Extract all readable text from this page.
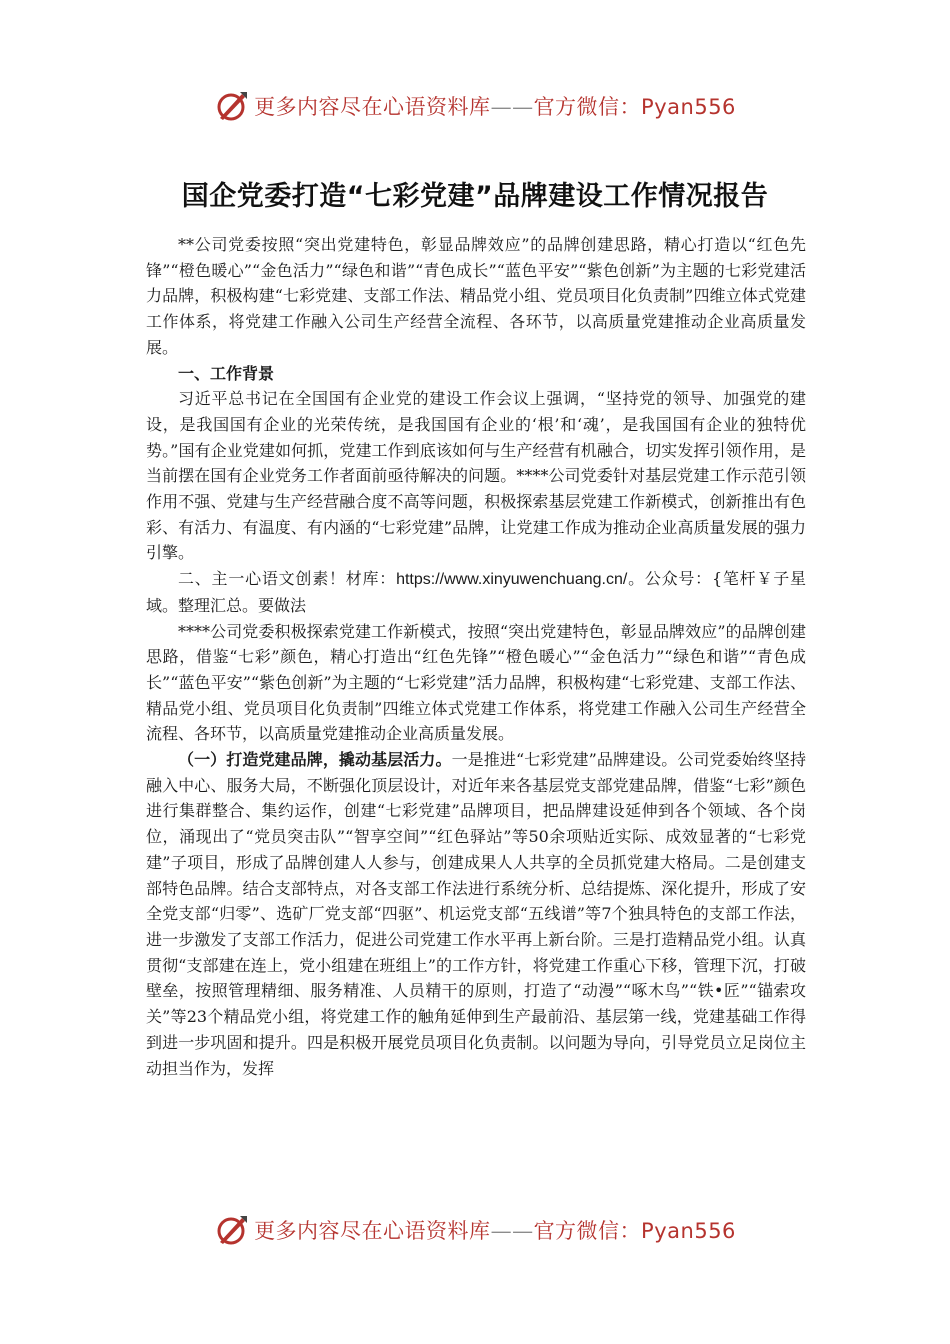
更多内容尽在心语资料库——官方微信：Pyan556
国企党委打造“七彩党建”品牌建设工作情况报告

**公司党委按照“突出党建特色，彰显品牌效应”的品牌创建思路，精心打造以“红色先锋”“橙色暖心”“金色活力”“绿色和谐”“青色成长”“蓝色平安”“紫色创新”为主题的七彩党建活力品牌，积极构建“七彩党建、支部工作法、精品党小组、党员项目化负责制”四维立体式党建工作体系，将党建工作融入公司生产经营全流程、各环节，以高质量党建推动企业高质量发展。

一、工作背景

习近平总书记在全国国有企业党的建设工作会议上强调，“坚持党的领导、加强党的建设，是我国国有企业的光荣传统，是我国国有企业的‘根’和‘魂’，是我国国有企业的独特优势。”国有企业党建如何抓，党建工作到底该如何与生产经营有机融合，切实发挥引领作用，是当前摆在国有企业党务工作者面前亟待解决的问题。****公司党委针对基层党建工作示范引领作用不强、党建与生产经营融合度不高等问题，积极探索基层党建工作新模式，创新推出有色彩、有活力、有温度、有内涵的“七彩党建”品牌，让党建工作成为推动企业高质量发展的强力引擎。

二、主一心语文创素！材库：https://www.xinyuwenchuang.cn/。公众号：{笔杆￥子星域。整理汇总。要做法

****公司党委积极探索党建工作新模式，按照“突出党建特色，彰显品牌效应”的品牌创建思路，借鉴“七彩”颜色，精心打造出“红色先锋”“橙色暖心”“金色活力”“绿色和谐”“青色成长”“蓝色平安”“紫色创新”为主题的“七彩党建”活力品牌，积极构建“七彩党建、支部工作法、精品党小组、党员项目化负责制”四维立体式党建工作体系，将党建工作融入公司生产经营全流程、各环节，以高质量党建推动企业高质量发展。

（一）打造党建品牌，撬动基层活力。一是推进“七彩党建”品牌建设。公司党委始终坚持融入中心、服务大局，不断强化顶层设计，对近年来各基层党支部党建品牌，借鉴“七彩”颜色进行集群整合、集约运作，创建“七彩党建”品牌项目，把品牌建设延伸到各个领域、各个岗位，涌现出了“党员突击队”“智享空间”“红色驿站”等50余项贴近实际、成效显著的“七彩党建”子项目，形成了品牌创建人人参与，创建成果人人共享的全员抓党建大格局。二是创建支部特色品牌。结合支部特点，对各支部工作法进行系统分析、总结提炼、深化提升，形成了安全党支部“归零”、选矿厂党支部“四驱”、机运党支部“五线谱”等7个独具特色的支部工作法，进一步激发了支部工作活力，促进公司党建工作水平再上新台阶。三是打造精品党小组。认真贯彻“支部建在连上，党小组建在班组上”的工作方针，将党建工作重心下移，管理下沉，打破壁垒，按照管理精细、服务精准、人员精干的原则，打造了“动漫”“啄木鸟”“铁•匠”“锚索攻关”等23个精品党小组，将党建工作的触角延伸到生产最前沿、基层第一线，党建基础工作得到进一步巩固和提升。四是积极开展党员项目化负责制。以问题为导向，引导党员立足岗位主动担当作为，发挥

更多内容尽在心语资料库——官方微信：Pyan556
